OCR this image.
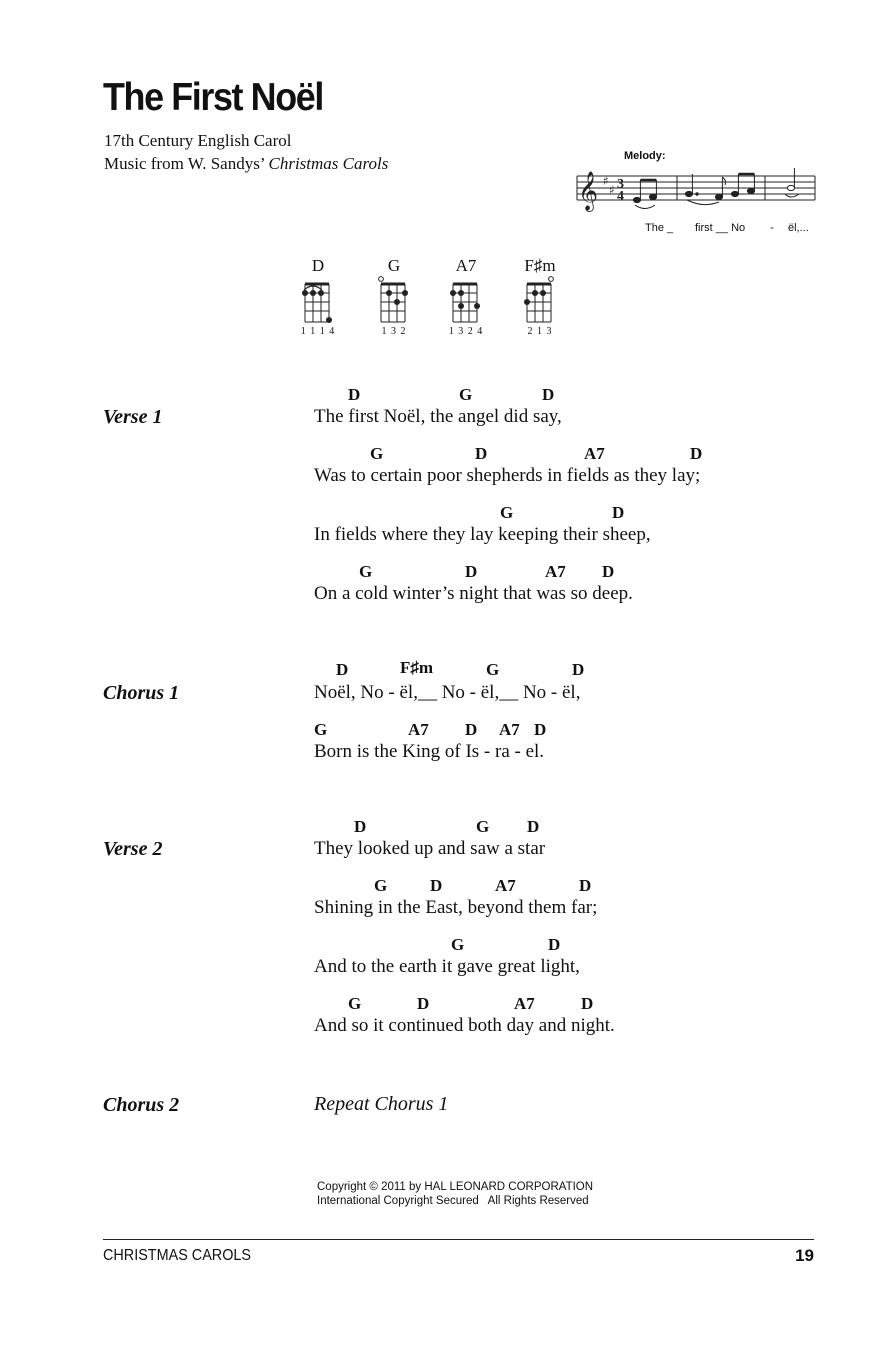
The First Noël
17th Century English Carol
Music from W. Sandys’ Christmas Carols	Melody:
𝄞 ♯
♯ 3
4
The _ first __ No - ël,...
D
1 1 1 4
G
1 3 2
A7
1 3 2 4
F♯m
2 1 3
Verse 1
D	G	D
The first Noël, the angel did say,
G	D	A7	D
Was to certain poor shepherds in fields as they lay;
G	D
In fields where they lay keeping their sheep,
G	D	A7 D
On a cold winter’s night that was so deep.
Chorus 1
D	F♯m	G	D
Noël, No - ël,__ No - ël,__ No - ël,
G	A7 D A7 D
Born is the King of Is - ra - el.
Verse 2
D	G D
They looked up and saw a star
G	D	A7	D
Shining in the East, beyond them far;
G	D
And to the earth it gave great light,
G	D	A7	D
And so it continued both day and night.
Chorus 2	Repeat Chorus 1
Copyright © 2011 by HAL LEONARD CORPORATION
International Copyright Secured   All Rights Reserved
CHRISTMAS CAROLS	19
